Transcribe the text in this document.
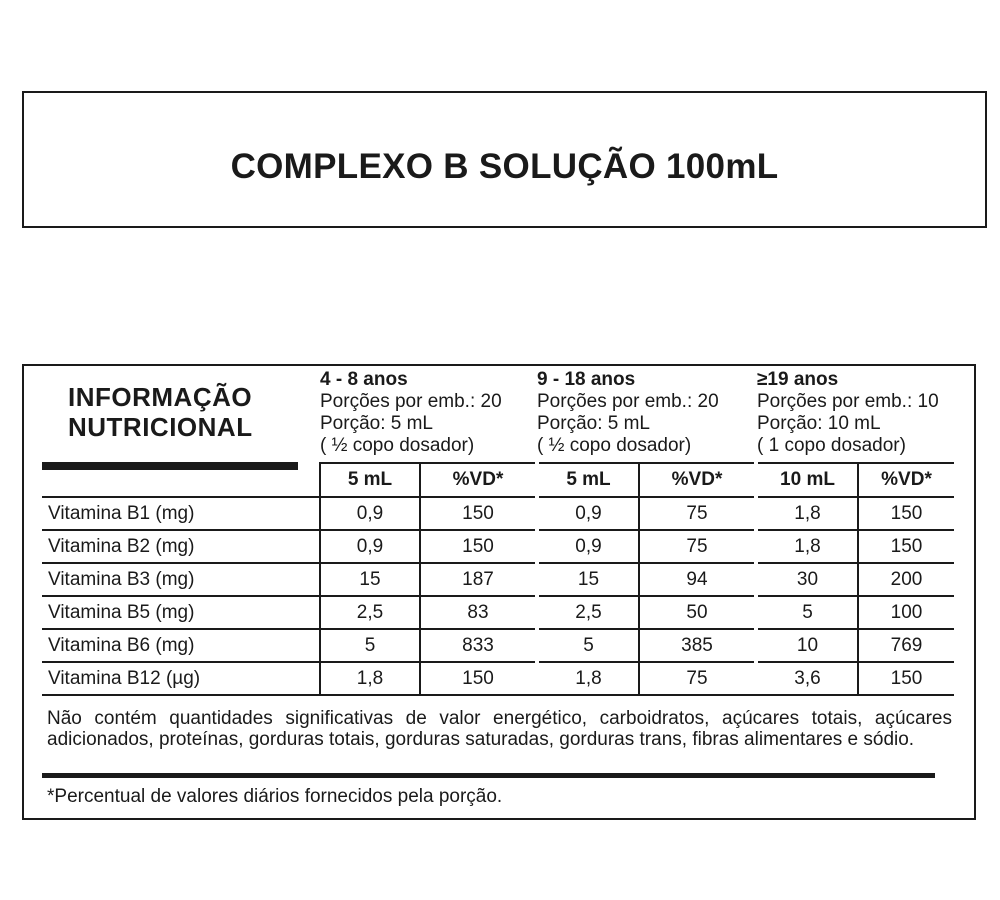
COMPLEXO B SOLUÇÃO 100mL
INFORMAÇÃO
NUTRICIONAL
4 - 8 anos
Porções por emb.: 20
Porção: 5 mL
( ½ copo dosador)
9 - 18 anos
Porções por emb.: 20
Porção: 5 mL
( ½ copo dosador)
≥19 anos
Porções por emb.: 10
Porção: 10 mL
( 1 copo dosador)
	5 mL	%VD*		5 mL	%VD*		10 mL	%VD*
Vitamina B1 (mg)	0,9	150		0,9	75		1,8	150
Vitamina B2 (mg)	0,9	150		0,9	75		1,8	150
Vitamina B3 (mg)	15	187		15	94		30	200
Vitamina B5 (mg)	2,5	83		2,5	50		5	100
Vitamina B6 (mg)	5	833		5	385		10	769
Vitamina B12 (µg)	1,8	150		1,8	75		3,6	150
Não contém quantidades significativas de valor energético, carboidratos, açúcares totais, açúcares adicionados, proteínas, gorduras totais, gorduras saturadas, gorduras trans, fibras alimentares e sódio.
*Percentual de valores diários fornecidos pela porção.
